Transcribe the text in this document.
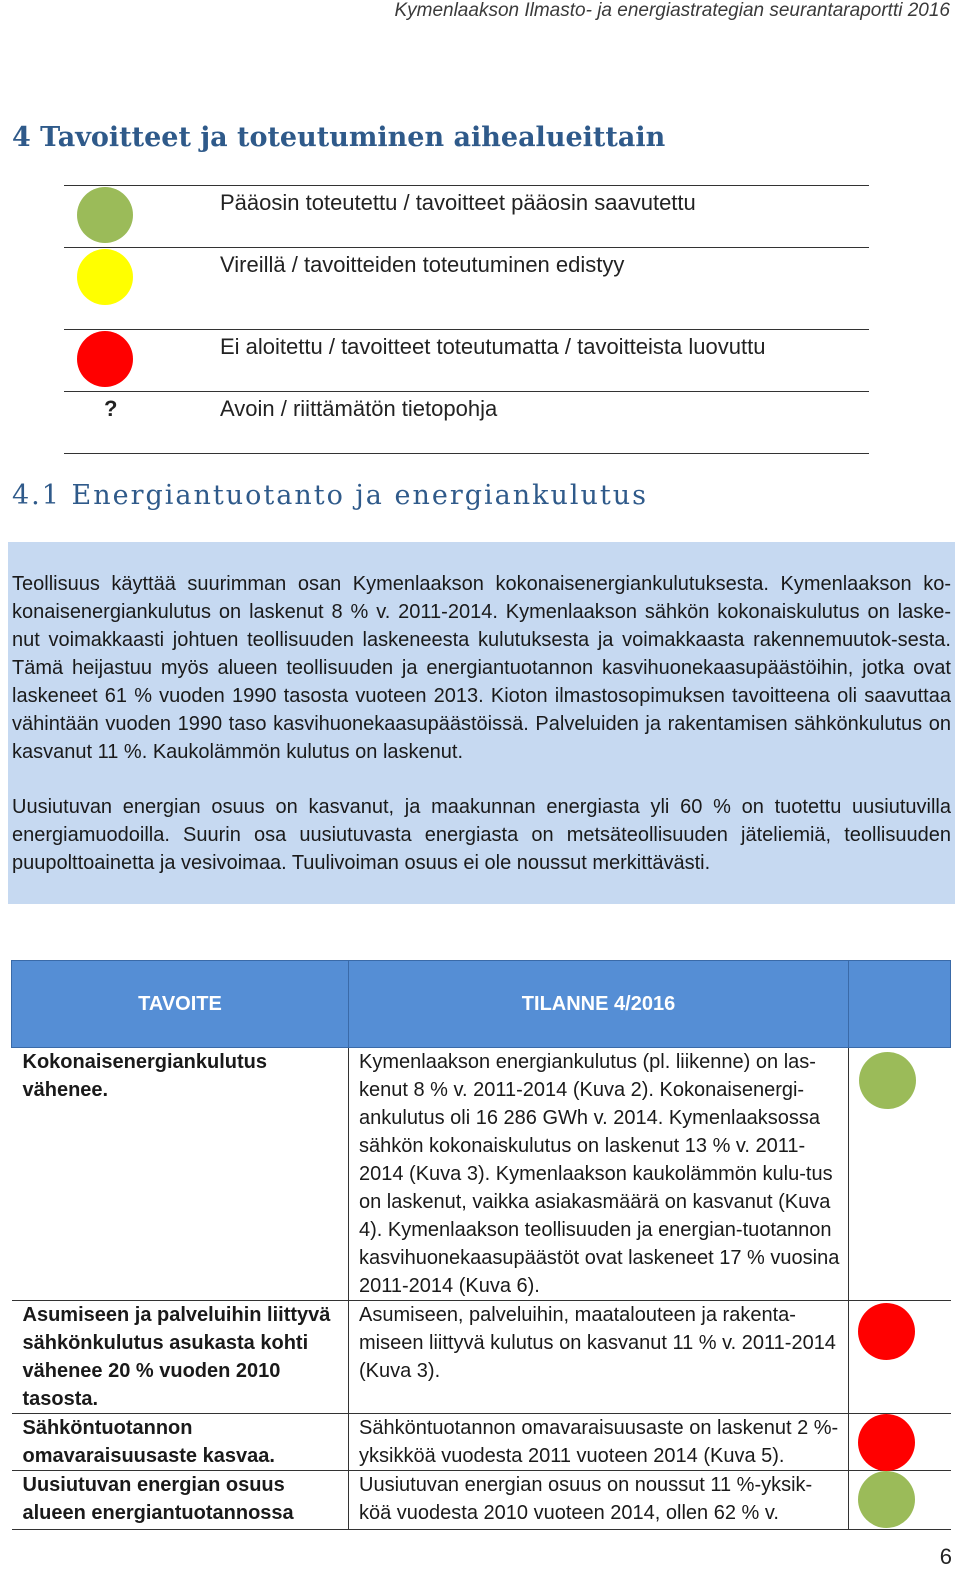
Kymenlaakson Ilmasto- ja energiastrategian seurantaraportti 2016
4 Tavoitteet ja toteutuminen aihealueittain
Pääosin toteutettu / tavoitteet pääosin saavutettu
Vireillä / tavoitteiden toteutuminen edistyy
Ei aloitettu / tavoitteet toteutumatta / tavoitteista luovuttu
?	Avoin / riittämätön tietopohja
4.1 Energiantuotanto ja energiankulutus

Teollisuus käyttää suurimman osan Kymenlaakson kokonaisenergiankulutuksesta. Kymenlaakson ko-konaisenergiankulutus on laskenut 8 % v. 2011-2014. Kymenlaakson sähkön kokonaiskulutus on laske-nut voimakkaasti johtuen teollisuuden laskeneesta kulutuksesta ja voimakkaasta rakennemuutok-sesta. Tämä heijastuu myös alueen teollisuuden ja energiantuotannon kasvihuonekaasupäästöihin, jotka ovat laskeneet 61 % vuoden 1990 tasosta vuoteen 2013. Kioton ilmastosopimuksen tavoitteena oli saavuttaa vähintään vuoden 1990 taso kasvihuonekaasupäästöissä. Palveluiden ja rakentamisen sähkönkulutus on kasvanut 11 %. Kaukolämmön kulutus on laskenut.

Uusiutuvan energian osuus on kasvanut, ja maakunnan energiasta yli 60 % on tuotettu uusiutuvilla energiamuodoilla. Suurin osa uusiutuvasta energiasta on metsäteollisuuden jäteliemiä, teollisuuden puupolttoainetta ja vesivoimaa. Tuulivoiman osuus ei ole noussut merkittävästi.

TAVOITE	TILANNE 4/2016	
Kokonaisenergiankulutus vähenee.	Kymenlaakson energiankulutus (pl. liikenne) on las-kenut 8 % v. 2011-2014 (Kuva 2). Kokonaisenergi-ankulutus oli 16 286 GWh v. 2014. Kymenlaaksossa sähkön kokonaiskulutus on laskenut 13 % v. 2011-2014 (Kuva 3). Kymenlaakson kaukolämmön kulu-tus on laskenut, vaikka asiakasmäärä on kasvanut (Kuva 4). Kymenlaakson teollisuuden ja energian-tuotannon kasvihuonekaasupäästöt ovat laskeneet 17 % vuosina 2011-2014 (Kuva 6).	

Asumiseen ja palveluihin liittyvä sähkönkulutus asukasta kohti vähenee 20 % vuoden 2010 tasosta.	Asumiseen, palveluihin, maatalouteen ja rakenta-miseen liittyvä kulutus on kasvanut 11 % v. 2011-2014 (Kuva 3).	

Sähköntuotannon omavaraisuusaste kasvaa.	Sähköntuotannon omavaraisuusaste on laskenut 2 %-yksikköä vuodesta 2011 vuoteen 2014 (Kuva 5).	

Uusiutuvan energian osuus alueen energiantuotannossa	Uusiutuvan energian osuus on noussut 11 %-yksik-köä vuodesta 2010 vuoteen 2014, ollen 62 % v.	
6
